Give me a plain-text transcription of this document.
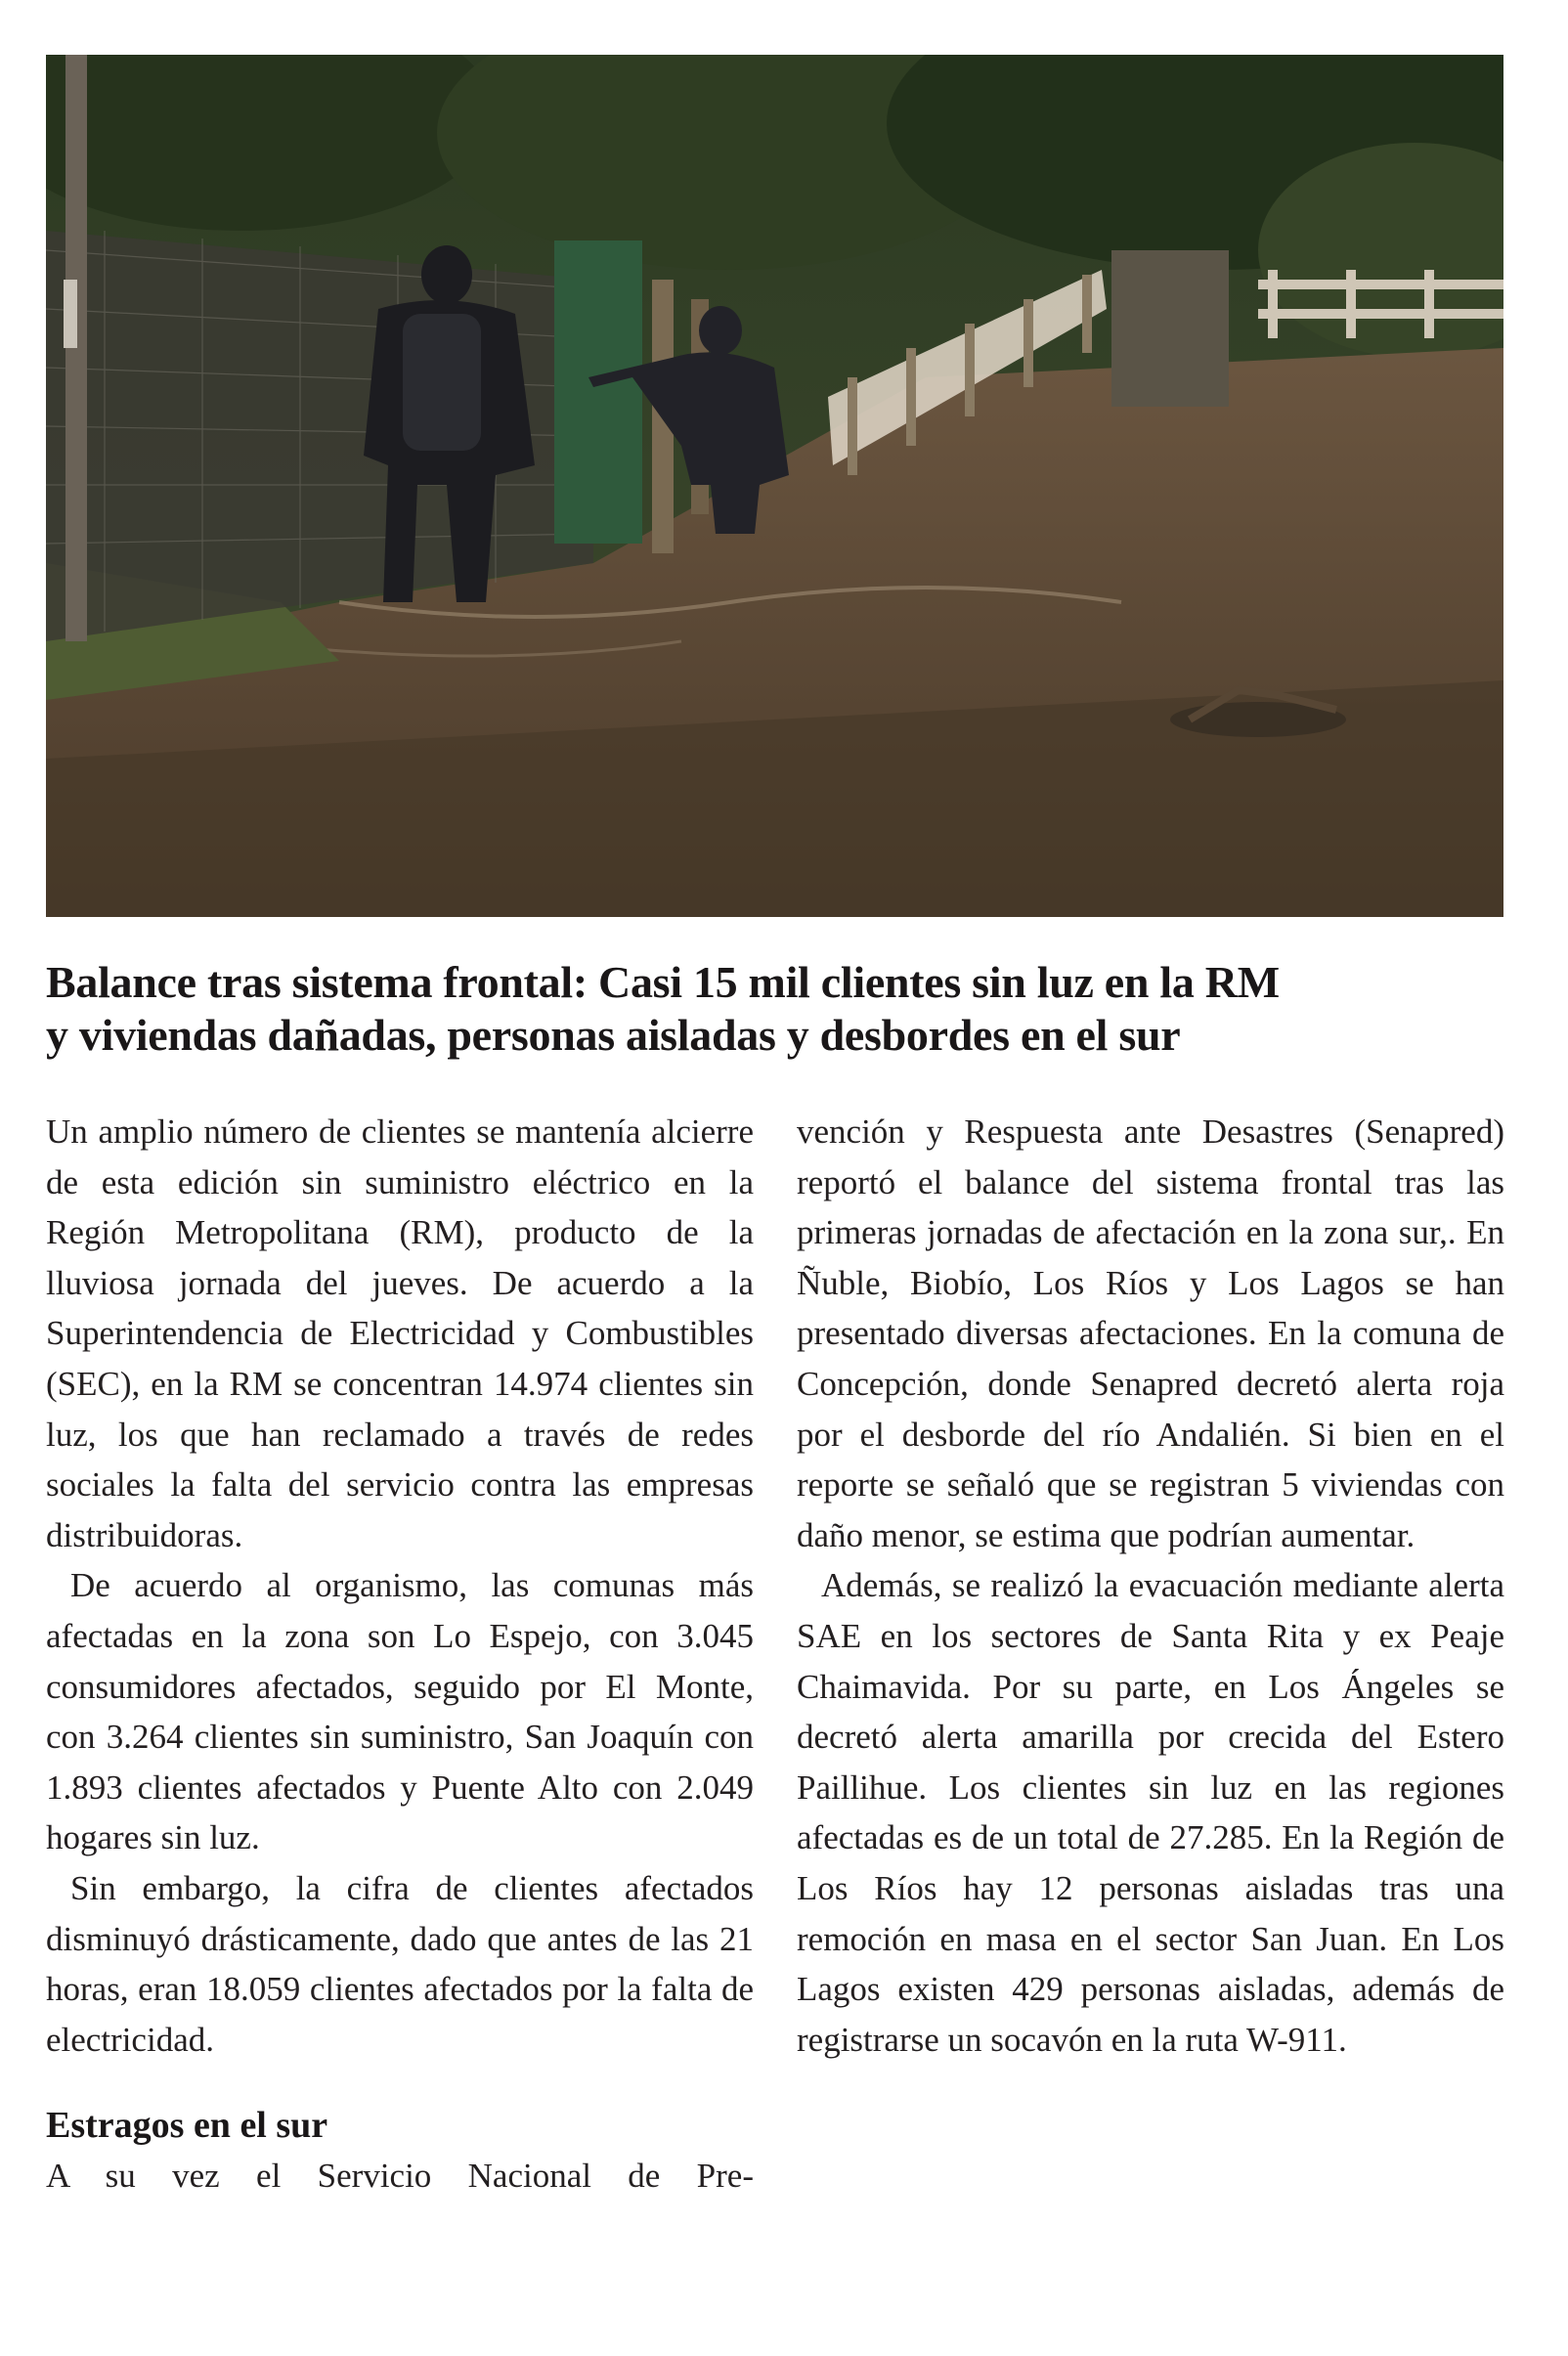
Balance tras sistema frontal: Casi 15 mil clientes sin luz en la RM
y viviendas dañadas, personas aisladas y desbordes en el sur

Un amplio número de clientes se mantenía alcierre de esta edición sin suministro eléctrico en la Región Metropolitana (RM), producto de la lluviosa jornada del jueves. De acuerdo a la Superintendencia de Electricidad y Combustibles (SEC), en la RM se concentran 14.974 clientes sin luz, los que han reclamado a través de redes sociales la falta del servicio contra las empresas distribuidoras.

De acuerdo al organismo, las comunas más afectadas en la zona son Lo Espejo, con 3.045 consumidores afectados, seguido por El Monte, con 3.264 clientes sin suministro, San Joaquín con 1.893 clientes afectados y Puente Alto con 2.049 hogares sin luz.

Sin embargo, la cifra de clientes afectados disminuyó drásticamente, dado que antes de las 21 horas, eran 18.059 clientes afectados por la falta de electricidad.

Estragos en el sur

A su vez el Servicio Nacional de Pre-

vención y Respuesta ante Desastres (Senapred) reportó el balance del sistema frontal tras las primeras jornadas de afectación en la zona sur,. En Ñuble, Biobío, Los Ríos y Los Lagos se han presentado diversas afectaciones. En la comuna de Concepción, donde Senapred decretó alerta roja por el desborde del río Andalién. Si bien en el reporte se señaló que se registran 5 viviendas con daño menor, se estima que podrían aumentar.

Además, se realizó la evacuación mediante alerta SAE en los sectores de Santa Rita y ex Peaje Chaimavida. Por su parte, en Los Ángeles se decretó alerta amarilla por crecida del Estero Paillihue. Los clientes sin luz en las regiones afectadas es de un total de 27.285. En la Región de Los Ríos hay 12 personas aisladas tras una remoción en masa en el sector San Juan. En Los Lagos existen 429 personas aisladas, además de registrarse un socavón en la ruta W-911.
